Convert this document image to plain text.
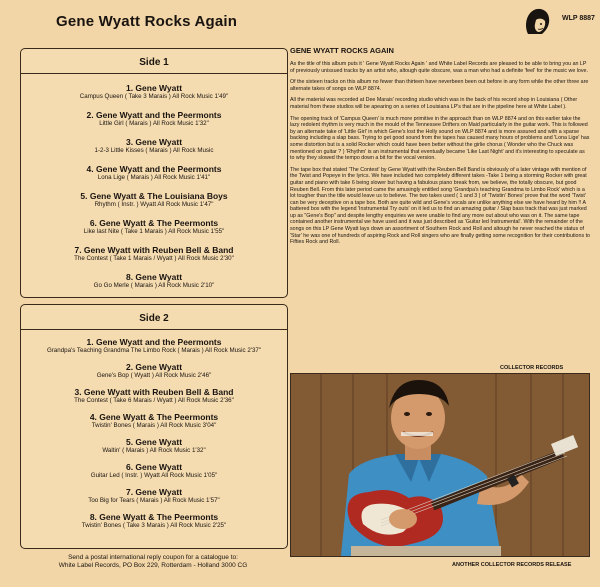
Gene Wyatt Rocks Again	WLP 8887
Side 1
1. Gene Wyatt
Campus Queen ( Take 3 Marais ) All Rock Music 1'49"
2. Gene Wyatt and the Peermonts
Little Girl ( Marais ) All Rock Music 1'32"
3. Gene Wyatt
1-2-3 Little Kisses ( Marais ) All Rock Music
4. Gene Wyatt and the Peermonts
Lona Lige ( Marais ) All Rock Music 1'41"
5. Gene Wyatt & The Louisiana Boys
Rhythm ( Instr. ) Wyatt All Rock Music 1'47"
6. Gene Wyatt & The Peermonts
Like last Nite ( Take 1 Marais ) All Rock Music 1'55"
7. Gene Wyatt with Reuben Bell & Band
The Contest ( Take 1 Marais / Wyatt ) All Rock Music 2'30"
8. Gene Wyatt
Go Go Merle ( Marais ) All Rock Music 2'10"
Side 2
1. Gene Wyatt and the Peermonts
Grandpa's Teaching Grandma The Limbo Rock ( Marais ) All Rock Music 2'37"
2. Gene Wyatt
Gene's Bop ( Wyatt ) All Rock Music 2'46"
3. Gene Wyatt with Reuben Bell & Band
The Contest ( Take 6 Marais / Wyatt ) All Rock Music 2'36"
4. Gene Wyatt & The Peermonts
Twistin' Bones ( Marais ) All Rock Music 3'04"
5. Gene Wyatt
Waltin' ( Marais ) All Rock Music 1'32"
6. Gene Wyatt
Guitar Led ( Instr. ) Wyatt All Rock Music 1'05"
7. Gene Wyatt
Too Big for Tears ( Marais ) All Rock Music 1'57"
8. Gene Wyatt & The Peermonts
Twistin' Bones ( Take 3 Marais ) All Rock Music 2'25"
Send a postal international reply coupon for a catalogue to:
White Label Records, PO Box 229, Rotterdam - Holland 3000 CG
GENE WYATT ROCKS AGAIN

As the title of this album puts it ' Gene Wyatt Rocks Again ' and White Label Records are pleased to be able to bring you an LP of previously unissued tracks by an artist who, altough quite obscure, was a man who had a definite 'feel' for the music we love.

Of the sixteen tracks on this album no fewer than thirteen have neverbeen been out before in any form while the other three are alternate takes of songs on WLP 8874.

All the material was recorded at Dee Marais' recording studio which was in the back of his record shop in Louisiana ( Other material from these studios will be apearing on a series of Louisiana LP's that are in the pipeline here at White Label ).

The opening track of 'Campus Queen' is much more primitive in the approach than on WLP 8874 and on this earlier take the lazy redolent rhythm is very much in the mould of the Tennessee Drifters on Maid particularly in the guitar work. This is followed by an alternate take of 'Little Girl' in which Gene's lost the Holly sound on WLP 8874 and is more assured and with a sparse backing including a slap bass. Trying to get good sound from the tapes has caused many hours of problems and 'Lona Lige' has some distortion but is a solid Rocker which could have been better without the girlie chorus ( Wonder who the Chuck was mentioned on guitar ? ) 'Rhythm' is an instrumental that eventually became 'Like Last Night' and it's interesting to speculate as to why they slowed the tempo down a bit for the vocal version.

The tape box that stated 'The Contest' by Gene Wyatt with the Reuben Bell Band is obviously of a later vintage with mention of the Twist and Popeye in the lyrics. We have included two completely different takes -Take 1 being a storming Rocker with great guitar and piano with take 6 being slower but having a fabulous piano break from, we believe, the totally obscure, but good Reuben Bell. From this later period came the amusingly entitled song 'Grandpa's teaching Grandma to Limbo Rock' which is a lot tougher than the title would leave us to believe. The two takes used ( 1 and 3 ) of 'Twistin' Bones' prove that the word 'Twist' can be very deceptive on a tape box. Both are quite wild and Gene's vocals are unlike anything else we have heard by him !! A battered box with the legend 'Instrumental Try outs' on it led us to find an amazing guitar / Slap bass track that was just marked up as "Gene's Bop" and despite lengthy enquiries we were unable to find any more out about who was on it. The same tape contained another instrumental we have used and it was just described as 'Guitar led Instrumental'. With the remainder of the songs on this LP Gene Wyatt lays down an assortment of Southern Rock and Roll and altough he never reached the status of 'Star' he was one of hundreds of aspiring Rock and Roll singers who are finally getting some recognition for their contributions to Fifties Rock and Roll.

COLLECTOR RECORDS
ANOTHER COLLECTOR RECORDS RELEASE
